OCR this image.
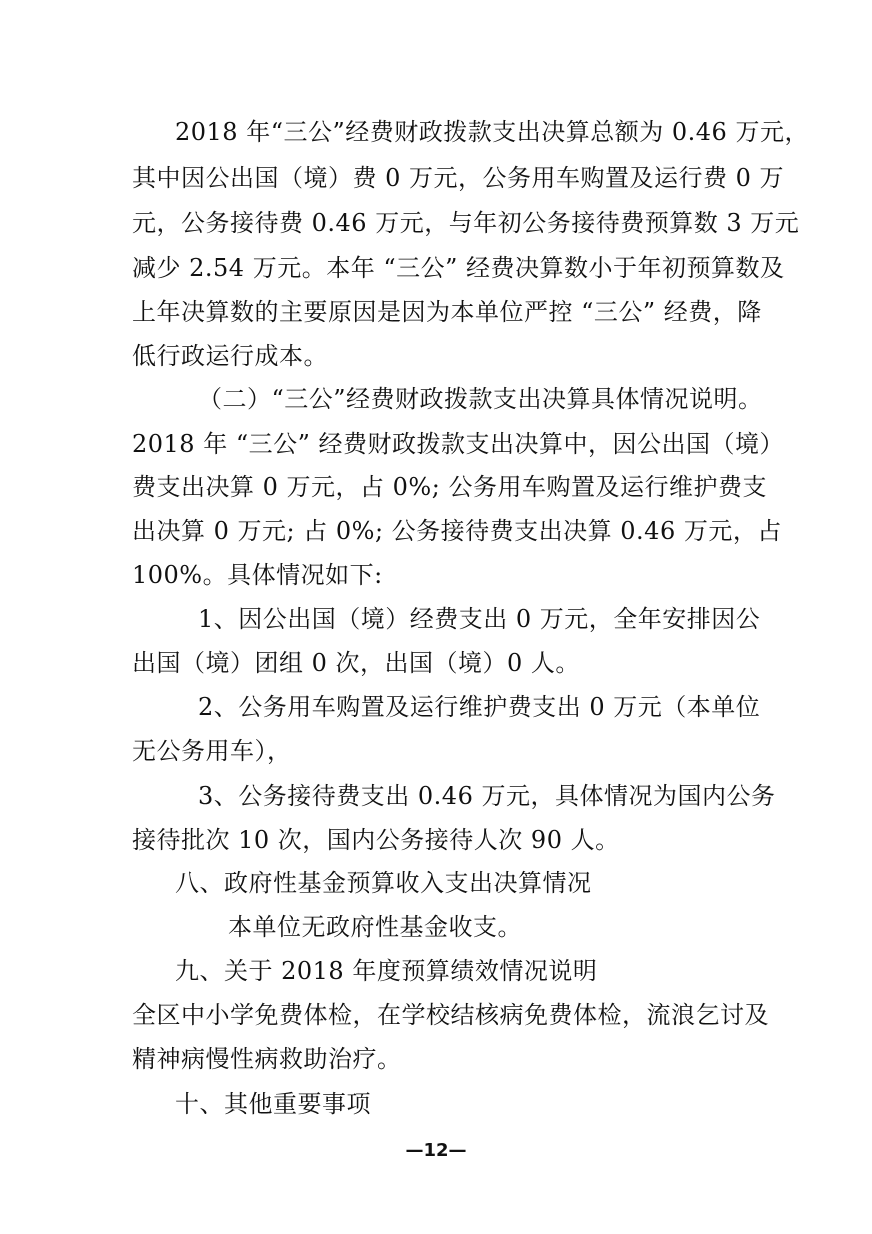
2018 年“三公”经费财政拨款支出决算总额为 0.46 万元，
其中因公出国（境）费 0 万元，公务用车购置及运行费 0 万
元，公务接待费 0.46 万元，与年初公务接待费预算数 3 万元
减少 2.54 万元。本年 “三公” 经费决算数小于年初预算数及
上年决算数的主要原因是因为本单位严控 “三公” 经费，降
低行政运行成本。
（二）“三公”经费财政拨款支出决算具体情况说明。
2018 年 “三公” 经费财政拨款支出决算中，因公出国（境）
费支出决算 0 万元，占 0%; 公务用车购置及运行维护费支
出决算 0 万元; 占 0%; 公务接待费支出决算 0.46 万元，占
100%。具体情况如下:
1、因公出国（境）经费支出 0 万元，全年安排因公
出国（境）团组 0 次，出国（境）0 人。
2、公务用车购置及运行维护费支出 0 万元（本单位
无公务用车），
3、公务接待费支出 0.46 万元，具体情况为国内公务
接待批次 10 次，国内公务接待人次 90 人。
八、政府性基金预算收入支出决算情况
本单位无政府性基金收支。
九、关于 2018 年度预算绩效情况说明
全区中小学免费体检，在学校结核病免费体检，流浪乞讨及
精神病慢性病救助治疗。
十、其他重要事项
—12—
